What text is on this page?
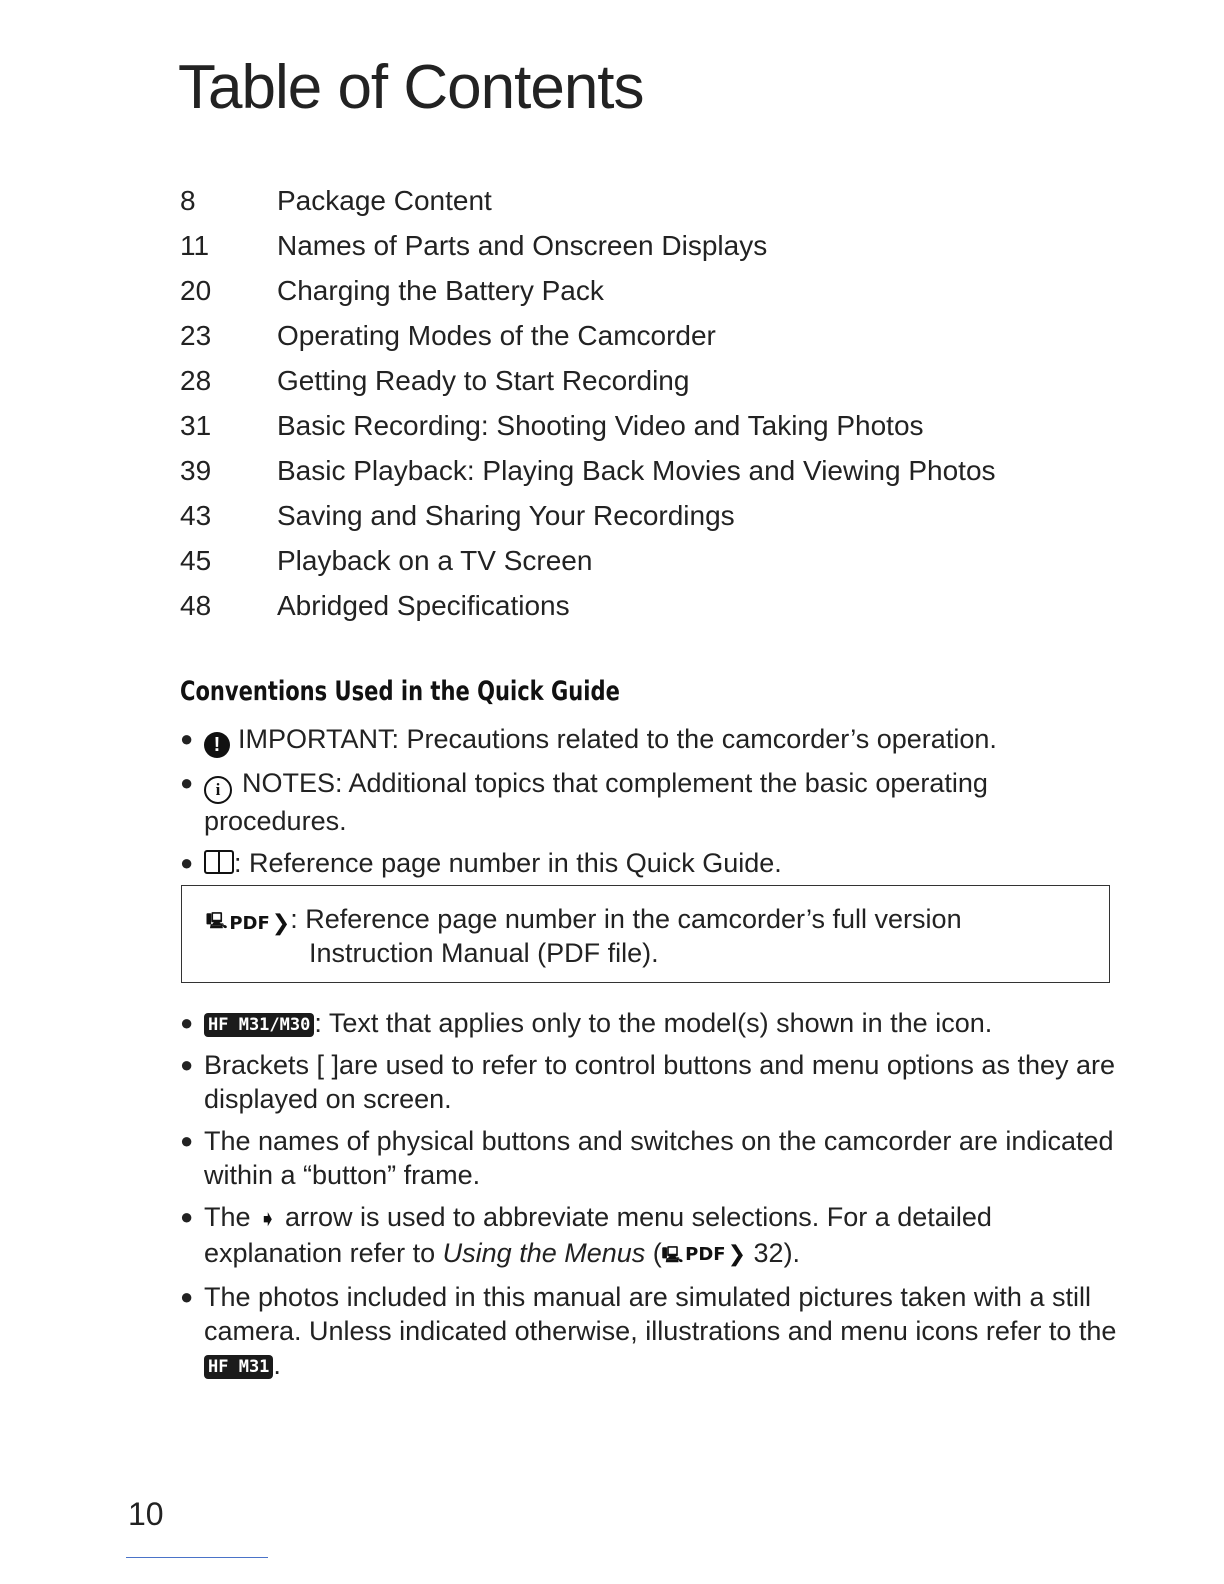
Table of Contents
8	Package Content
11	Names of Parts and Onscreen Displays
20	Charging the Battery Pack
23	Operating Modes of the Camcorder
28	Getting Ready to Start Recording
31	Basic Recording: Shooting Video and Taking Photos
39	Basic Playback: Playing Back Movies and Viewing Photos
43	Saving and Sharing Your Recordings
45	Playback on a TV Screen
48	Abridged Specifications
Conventions Used in the Quick Guide
●	! IMPORTANT: Precautions related to the camcorder’s operation.
●	i NOTES: Additional topics that complement the basic operating procedures.
●	: Reference page number in this Quick Guide.
🖳 PDF ❯ : Reference page number in the camcorder’s full version
Instruction Manual (PDF file).
● HF M31/M30 : Text that applies only to the model(s) shown in the icon.
● Brackets [ ]are used to refer to control buttons and menu options as they are displayed on screen.
● The names of physical buttons and switches on the camcorder are indicated within a “button” frame.
● The ➧ arrow is used to abbreviate menu selections. For a detailed explanation refer to Using the Menus ( 🖳 PDF ❯ 32).
● The photos included in this manual are simulated pictures taken with a still camera. Unless indicated otherwise, illustrations and menu icons refer to the HF M31 .
10
